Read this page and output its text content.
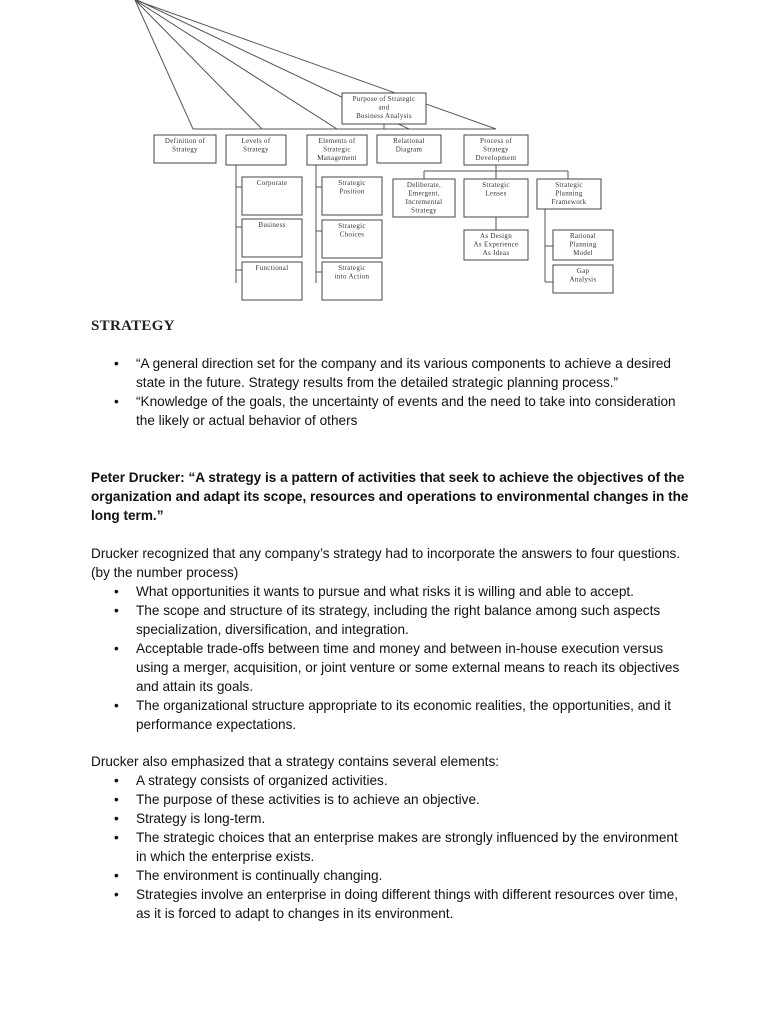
Purpose of Strategic
and
Business Analysis
Definition of
Strategy
Levels of
Strategy
Elements of
Strategic
Management
Relational
Diagram
Process of
Strategy
Development
Corporate
Business
Functional
Strategic
Position
Strategic
Choices
Strategic
into Action
Deliberate,
Emergent,
Incremental
Strategy
Strategic
Lenses
Strategic
Planning
Framework
As Design
As Experience
As Ideas
Rational
Planning
Model
Gap
Analysis
STRATEGY
• “A general direction set for the company and its various components to achieve a desired state in the future. Strategy results from the detailed strategic planning process.”
• “Knowledge of the goals, the uncertainty of events and the need to take into consideration the likely or actual behavior of others

Peter Drucker: “A strategy is a pattern of activities that seek to achieve the objectives of the organization and adapt its scope, resources and operations to environmental changes in the long term.”

Drucker recognized that any company’s strategy had to incorporate the answers to four questions. (by the number process)

• What opportunities it wants to pursue and what risks it is willing and able to accept.
• The scope and structure of its strategy, including the right balance among such aspects specialization, diversification, and integration.
• Acceptable trade-offs between time and money and between in-house execution versus using a merger, acquisition, or joint venture or some external means to reach its objectives and attain its goals.
• The organizational structure appropriate to its economic realities, the opportunities, and it performance expectations.

Drucker also emphasized that a strategy contains several elements:

• A strategy consists of organized activities.
• The purpose of these activities is to achieve an objective.
• Strategy is long-term.
• The strategic choices that an enterprise makes are strongly influenced by the environment in which the enterprise exists.
• The environment is continually changing.
• Strategies involve an enterprise in doing different things with different resources over time, as it is forced to adapt to changes in its environment.
